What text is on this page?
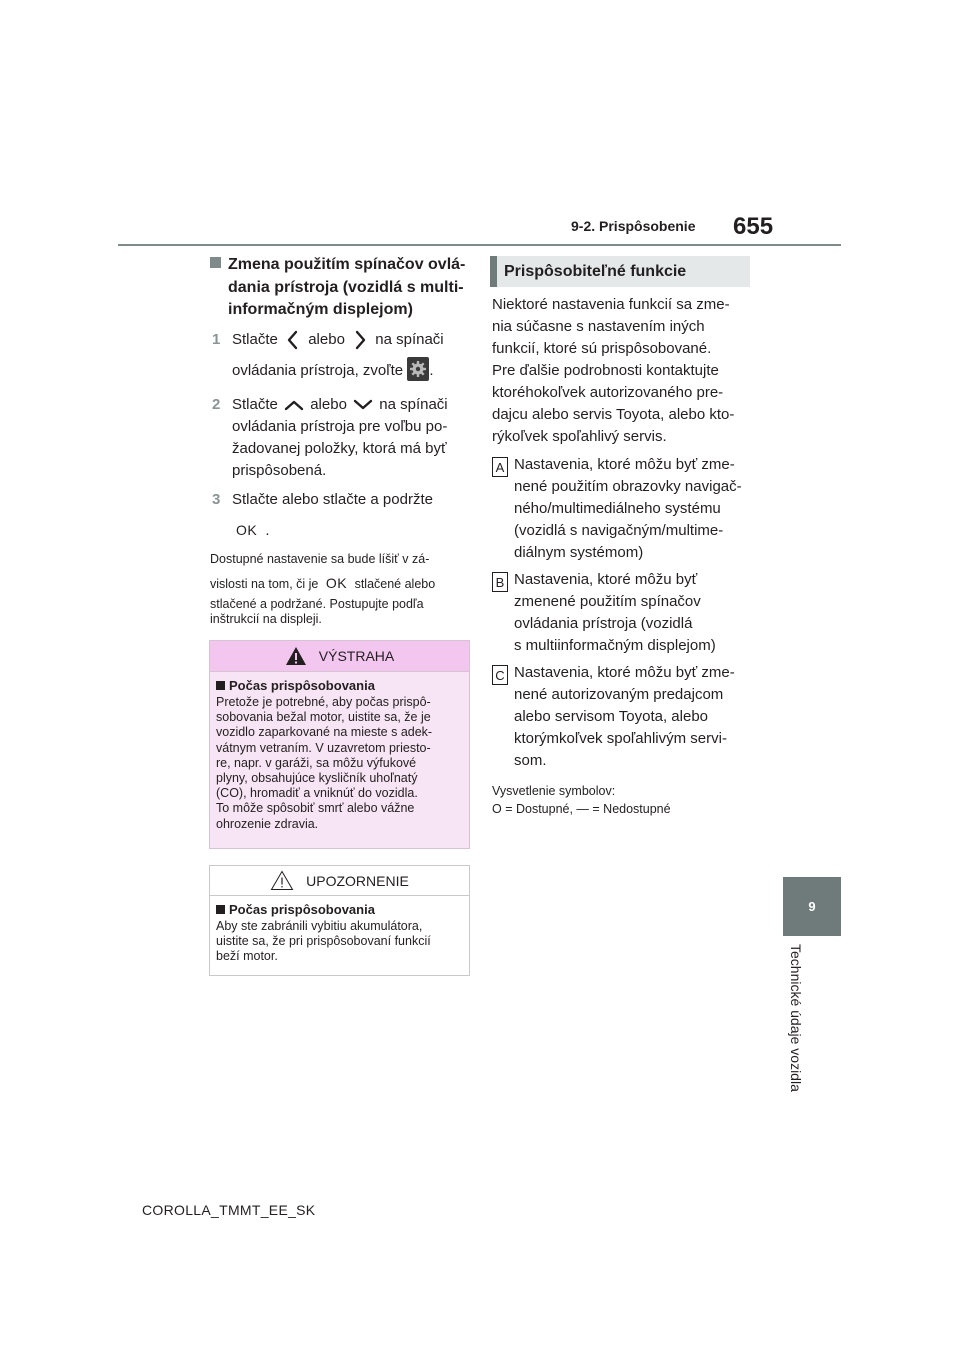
9-2. Prispôsobenie 655
9
Technické údaje vozidla
Zmena použitím spínačov ovlá-
dania prístroja (vozidlá s multi-
informačným displejom)
1 Stlačte alebo na spínači
ovládania prístroja, zvoľte .
2 Stlačte alebo na spínači
ovládania prístroja pre voľbu po-
žadovanej položky, ktorá má byť
prispôsobená.
3 Stlačte alebo stlačte a podržte
OK .
Dostupné nastavenie sa bude líšiť v zá-
vislosti na tom, či je OK stlačené alebo
stlačené a podržané. Postupujte podľa
inštrukcií na displeji.
VÝSTRAHA
Počas prispôsobovania
Pretože je potrebné, aby počas prispô-
sobovania bežal motor, uistite sa, že je
vozidlo zaparkované na mieste s adek-
vátnym vetraním. V uzavretom priesto-
re, napr. v garáži, sa môžu výfukové
plyny, obsahujúce kysličník uhoľnatý
(CO), hromadiť a vniknúť do vozidla.
To môže spôsobiť smrť alebo vážne
ohrozenie zdravia.
UPOZORNENIE
Počas prispôsobovania
Aby ste zabránili vybitiu akumulátora,
uistite sa, že pri prispôsobovaní funkcií
beží motor.
Prispôsobiteľné funkcie
Niektoré nastavenia funkcií sa zme-
nia súčasne s nastavením iných
funkcií, ktoré sú prispôsobované.
Pre ďalšie podrobnosti kontaktujte
ktoréhokoľvek autorizovaného pre-
dajcu alebo servis Toyota, alebo kto-
rýkoľvek spoľahlivý servis.
A Nastavenia, ktoré môžu byť zme-
nené použitím obrazovky navigač-
ného/multimediálneho systému
(vozidlá s navigačným/multime-
diálnym systémom)
B Nastavenia, ktoré môžu byť
zmenené použitím spínačov
ovládania prístroja (vozidlá
s multiinformačným displejom)
C Nastavenia, ktoré môžu byť zme-
nené autorizovaným predajcom
alebo servisom Toyota, alebo
ktorýmkoľvek spoľahlivým servi-
som.
Vysvetlenie symbolov:
O = Dostupné, — = Nedostupné
COROLLA_TMMT_EE_SK
